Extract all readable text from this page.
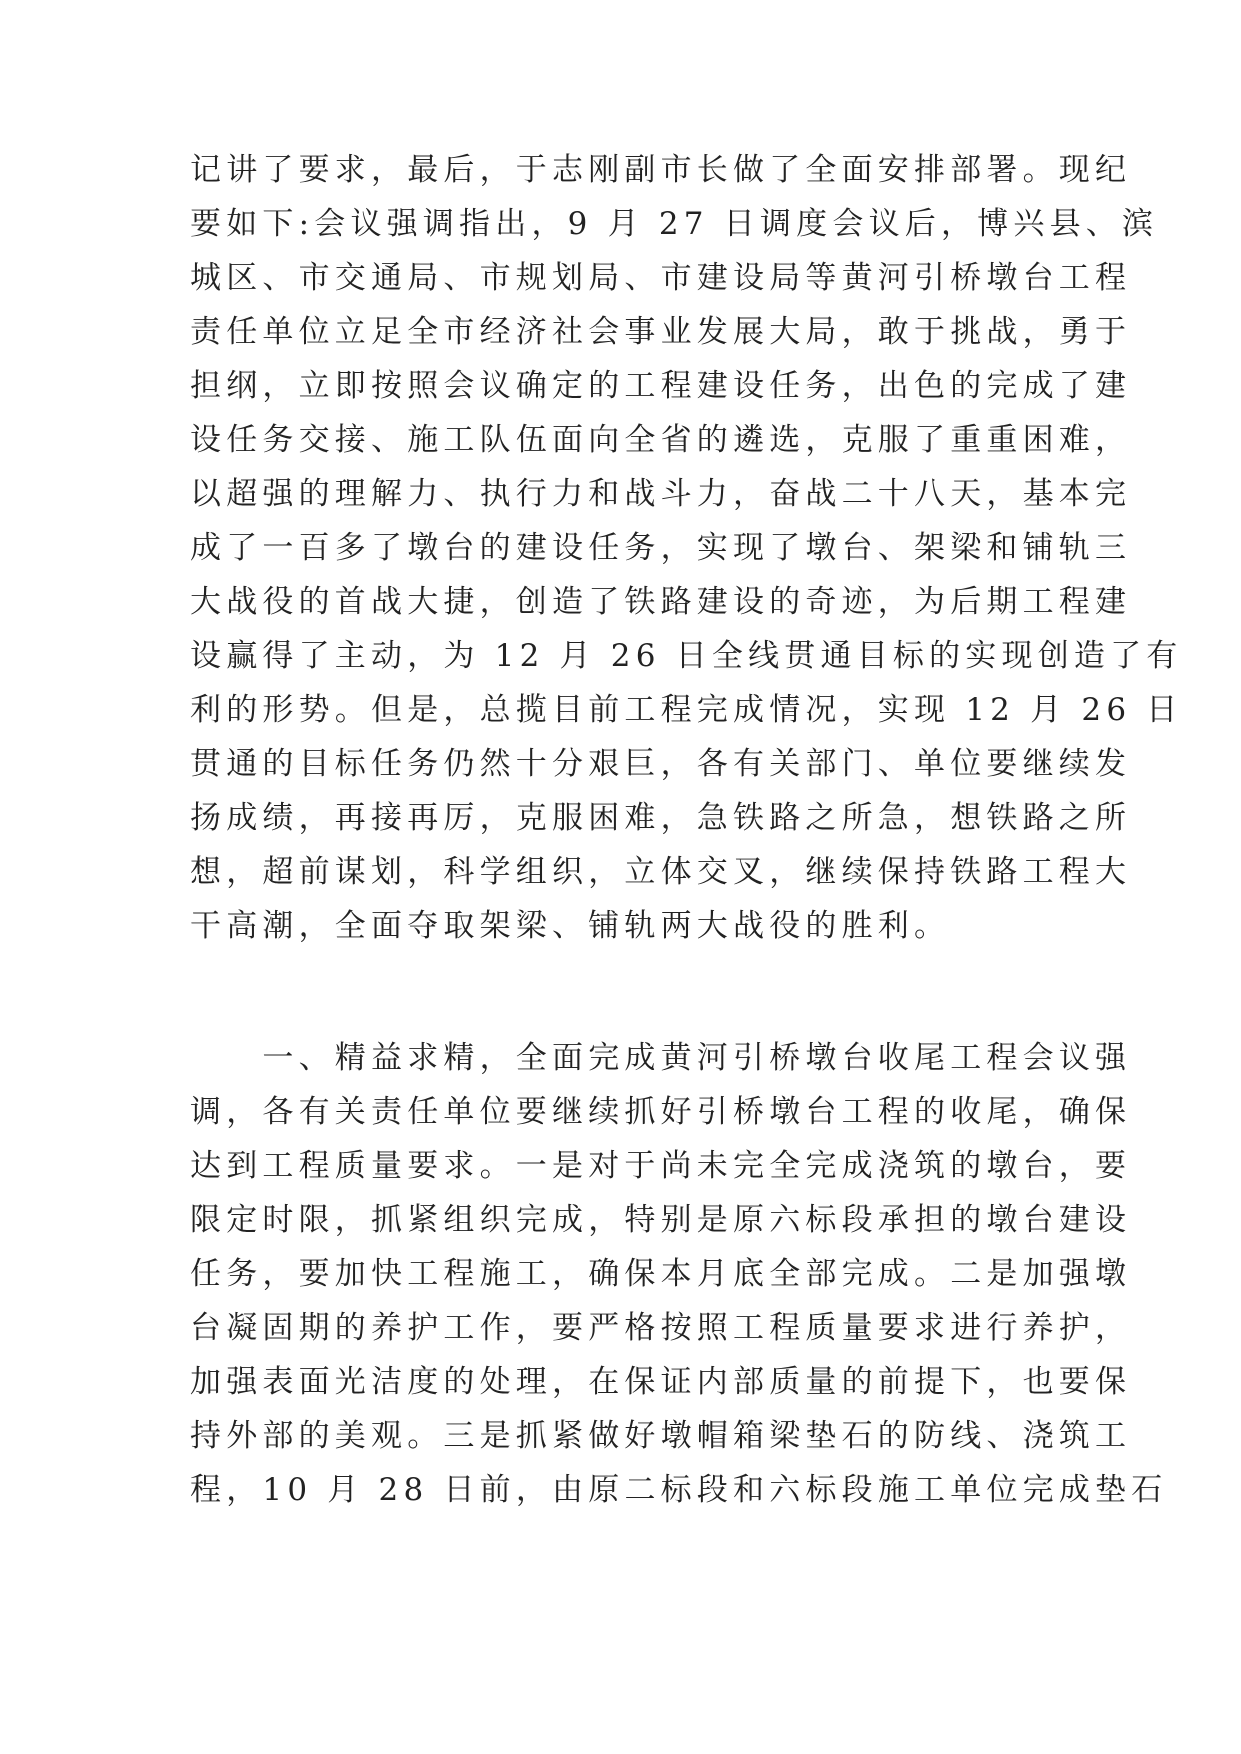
记讲了要求，最后，于志刚副市长做了全面安排部署。现纪
要如下:会议强调指出，9 月 27 日调度会议后，博兴县、滨
城区、市交通局、市规划局、市建设局等黄河引桥墩台工程
责任单位立足全市经济社会事业发展大局，敢于挑战，勇于
担纲，立即按照会议确定的工程建设任务，出色的完成了建
设任务交接、施工队伍面向全省的遴选，克服了重重困难，
以超强的理解力、执行力和战斗力，奋战二十八天，基本完
成了一百多了墩台的建设任务，实现了墩台、架梁和铺轨三
大战役的首战大捷，创造了铁路建设的奇迹，为后期工程建
设赢得了主动，为 12 月 26 日全线贯通目标的实现创造了有
利的形势。但是，总揽目前工程完成情况，实现 12 月 26 日
贯通的目标任务仍然十分艰巨，各有关部门、单位要继续发
扬成绩，再接再厉，克服困难，急铁路之所急，想铁路之所
想，超前谋划，科学组织，立体交叉，继续保持铁路工程大
干高潮，全面夺取架梁、铺轨两大战役的胜利。
　　一、精益求精，全面完成黄河引桥墩台收尾工程会议强
调，各有关责任单位要继续抓好引桥墩台工程的收尾，确保
达到工程质量要求。一是对于尚未完全完成浇筑的墩台，要
限定时限，抓紧组织完成，特别是原六标段承担的墩台建设
任务，要加快工程施工，确保本月底全部完成。二是加强墩
台凝固期的养护工作，要严格按照工程质量要求进行养护，
加强表面光洁度的处理，在保证内部质量的前提下，也要保
持外部的美观。三是抓紧做好墩帽箱梁垫石的防线、浇筑工
程，10 月 28 日前，由原二标段和六标段施工单位完成垫石
